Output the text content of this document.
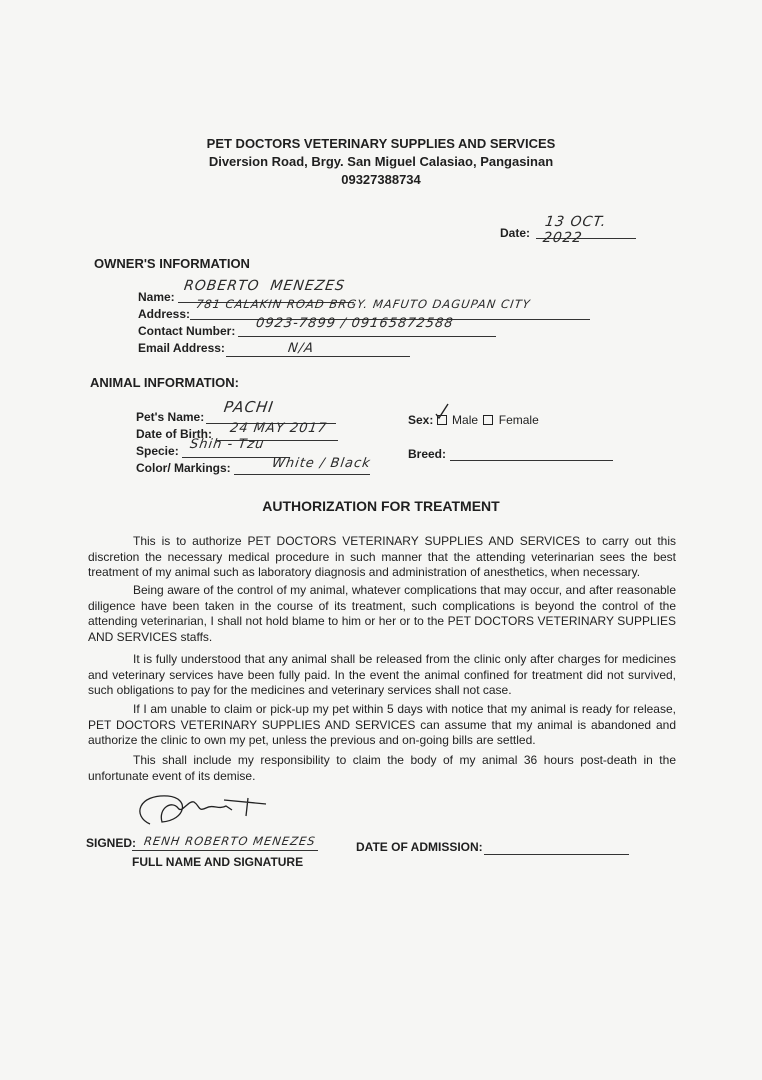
PET DOCTORS VETERINARY SUPPLIES AND SERVICES
Diversion Road, Brgy. San Miguel Calasiao, Pangasinan
09327388734
Date:
13 OCT. 2022
OWNER'S INFORMATION
Name:
ROBERTO  MENEZES
Address:
781 CALAKIN ROAD BRGY. MAFUTO DAGUPAN CITY
Contact Number: 0923-7899 / 09165872588
Email Address:	N/A
ANIMAL INFORMATION:
Pet's Name:
PACHI
Date of Birth: 24 MAY 2017
Specie: Shih - Tzu
Color/ Markings:	White / Black
Sex: Male Female
Breed:
AUTHORIZATION FOR TREATMENT
This is to authorize PET DOCTORS VETERINARY SUPPLIES AND SERVICES to carry out this discretion the necessary medical procedure in such manner that the attending veterinarian sees the best treatment of my animal such as laboratory diagnosis and administration of anesthetics, when necessary.
Being aware of the control of my animal, whatever complications that may occur, and after reasonable diligence have been taken in the course of its treatment, such complications is beyond the control of the attending veterinarian, I shall not hold blame to him or her or to the PET DOCTORS VETERINARY SUPPLIES AND SERVICES staffs.
It is fully understood that any animal shall be released from the clinic only after charges for medicines and veterinary services have been fully paid. In the event the animal confined for treatment did not survived, such obligations to pay for the medicines and veterinary services shall not case.
If I am unable to claim or pick-up my pet within 5 days with notice that my animal is ready for release, PET DOCTORS VETERINARY SUPPLIES AND SERVICES can assume that my animal is abandoned and authorize the clinic to own my pet, unless the previous and on-going bills are settled.
This shall include my responsibility to claim the body of my animal 36 hours post-death in the unfortunate event of its demise.
SIGNED: RENH ROBERTO MENEZES
FULL NAME AND SIGNATURE
DATE OF ADMISSION:
